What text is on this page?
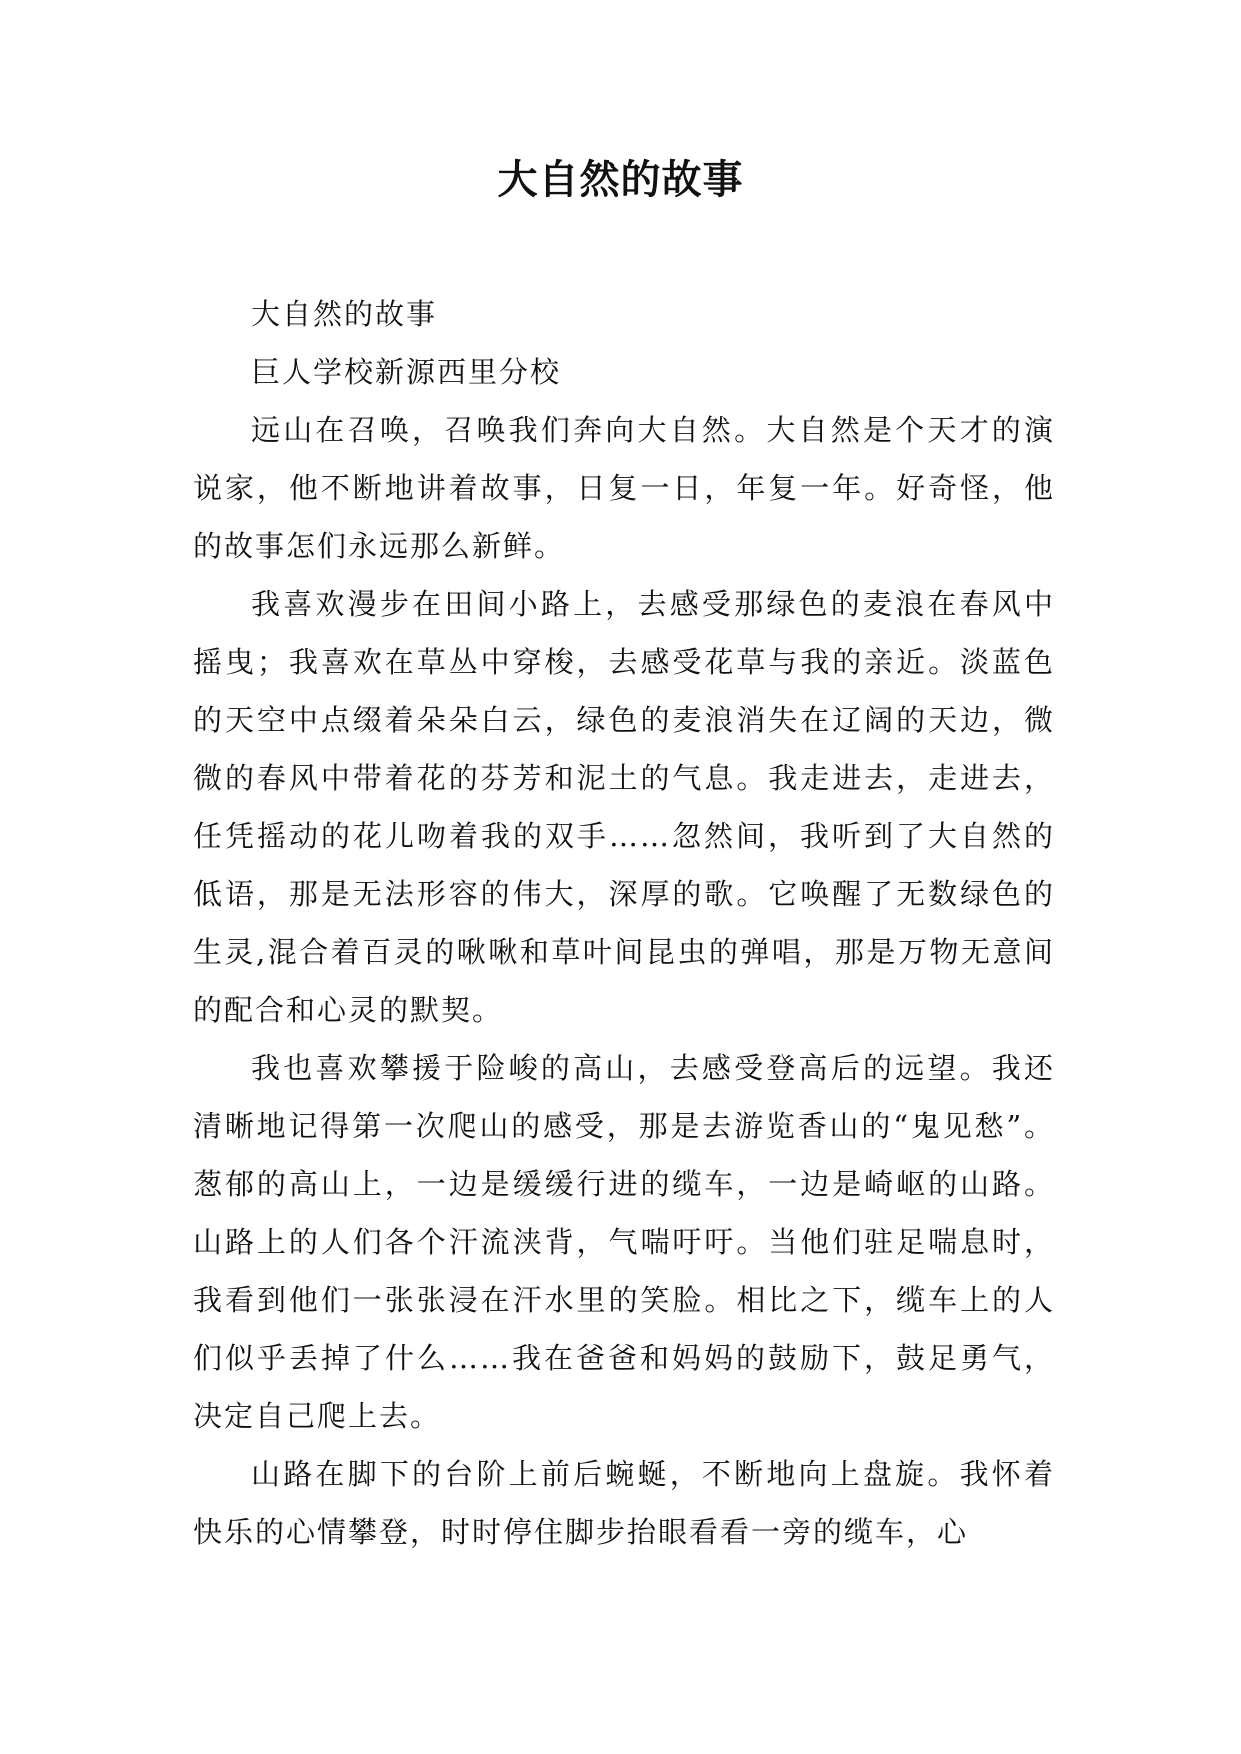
大自然的故事

大自然的故事

巨人学校新源西里分校

远山在召唤，召唤我们奔向大自然。大自然是个天才的演说家，他不断地讲着故事，日复一日，年复一年。好奇怪，他的故事怎们永远那么新鲜。

我喜欢漫步在田间小路上，去感受那绿色的麦浪在春风中摇曳；我喜欢在草丛中穿梭，去感受花草与我的亲近。淡蓝色的天空中点缀着朵朵白云，绿色的麦浪消失在辽阔的天边，微微的春风中带着花的芬芳和泥土的气息。我走进去，走进去，任凭摇动的花儿吻着我的双手……忽然间，我听到了大自然的低语，那是无法形容的伟大，深厚的歌。它唤醒了无数绿色的生灵,混合着百灵的啾啾和草叶间昆虫的弹唱，那是万物无意间的配合和心灵的默契。

我也喜欢攀援于险峻的高山，去感受登高后的远望。我还清晰地记得第一次爬山的感受，那是去游览香山的“鬼见愁”。葱郁的高山上，一边是缓缓行进的缆车，一边是崎岖的山路。山路上的人们各个汗流浃背，气喘吁吁。当他们驻足喘息时，我看到他们一张张浸在汗水里的笑脸。相比之下，缆车上的人们似乎丢掉了什么……我在爸爸和妈妈的鼓励下，鼓足勇气，决定自己爬上去。

山路在脚下的台阶上前后蜿蜒，不断地向上盘旋。我怀着快乐的心情攀登，时时停住脚步抬眼看看一旁的缆车，心
